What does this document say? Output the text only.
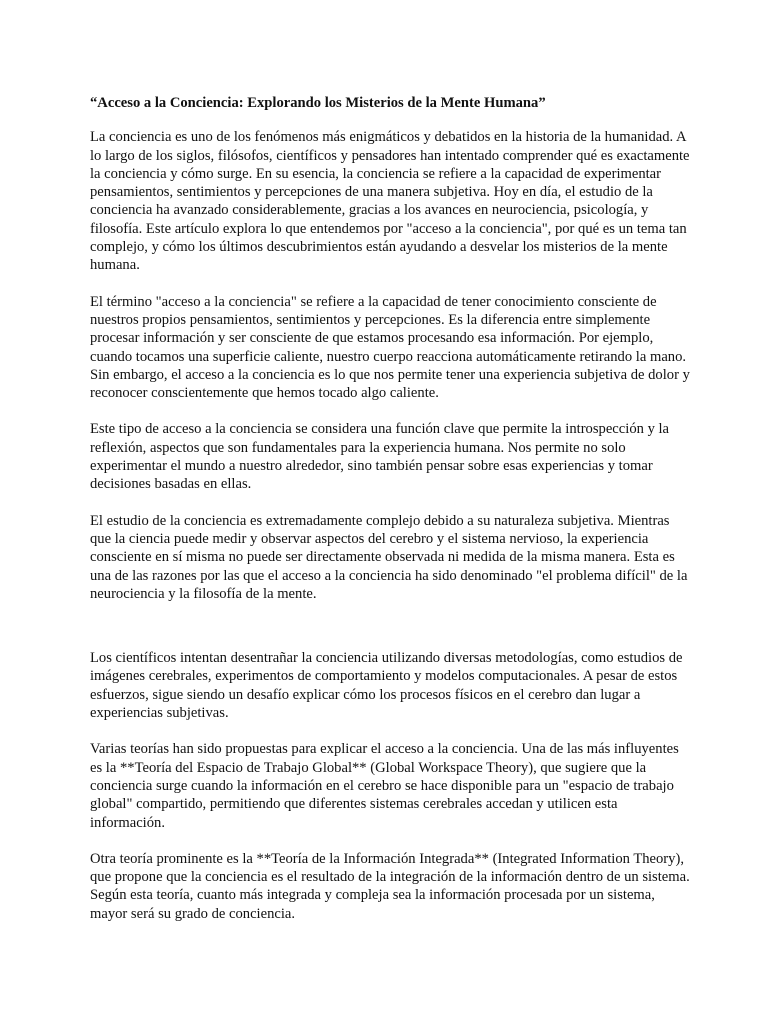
“Acceso a la Conciencia: Explorando los Misterios de la Mente Humana”

La conciencia es uno de los fenómenos más enigmáticos y debatidos en la historia de la humanidad. A lo largo de los siglos, filósofos, científicos y pensadores han intentado comprender qué es exactamente la conciencia y cómo surge. En su esencia, la conciencia se refiere a la capacidad de experimentar pensamientos, sentimientos y percepciones de una manera subjetiva. Hoy en día, el estudio de la conciencia ha avanzado considerablemente, gracias a los avances en neurociencia, psicología, y filosofía. Este artículo explora lo que entendemos por "acceso a la conciencia", por qué es un tema tan complejo, y cómo los últimos descubrimientos están ayudando a desvelar los misterios de la mente humana.

El término "acceso a la conciencia" se refiere a la capacidad de tener conocimiento consciente de nuestros propios pensamientos, sentimientos y percepciones. Es la diferencia entre simplemente procesar información y ser consciente de que estamos procesando esa información. Por ejemplo, cuando tocamos una superficie caliente, nuestro cuerpo reacciona automáticamente retirando la mano. Sin embargo, el acceso a la conciencia es lo que nos permite tener una experiencia subjetiva de dolor y reconocer conscientemente que hemos tocado algo caliente.

Este tipo de acceso a la conciencia se considera una función clave que permite la introspección y la reflexión, aspectos que son fundamentales para la experiencia humana. Nos permite no solo experimentar el mundo a nuestro alrededor, sino también pensar sobre esas experiencias y tomar decisiones basadas en ellas.

El estudio de la conciencia es extremadamente complejo debido a su naturaleza subjetiva. Mientras que la ciencia puede medir y observar aspectos del cerebro y el sistema nervioso, la experiencia consciente en sí misma no puede ser directamente observada ni medida de la misma manera. Esta es una de las razones por las que el acceso a la conciencia ha sido denominado "el problema difícil" de la neurociencia y la filosofía de la mente.

Los científicos intentan desentrañar la conciencia utilizando diversas metodologías, como estudios de imágenes cerebrales, experimentos de comportamiento y modelos computacionales. A pesar de estos esfuerzos, sigue siendo un desafío explicar cómo los procesos físicos en el cerebro dan lugar a experiencias subjetivas.

Varias teorías han sido propuestas para explicar el acceso a la conciencia. Una de las más influyentes es la **Teoría del Espacio de Trabajo Global** (Global Workspace Theory), que sugiere que la conciencia surge cuando la información en el cerebro se hace disponible para un "espacio de trabajo global" compartido, permitiendo que diferentes sistemas cerebrales accedan y utilicen esta información.

Otra teoría prominente es la **Teoría de la Información Integrada** (Integrated Information Theory), que propone que la conciencia es el resultado de la integración de la información dentro de un sistema. Según esta teoría, cuanto más integrada y compleja sea la información procesada por un sistema, mayor será su grado de conciencia.
